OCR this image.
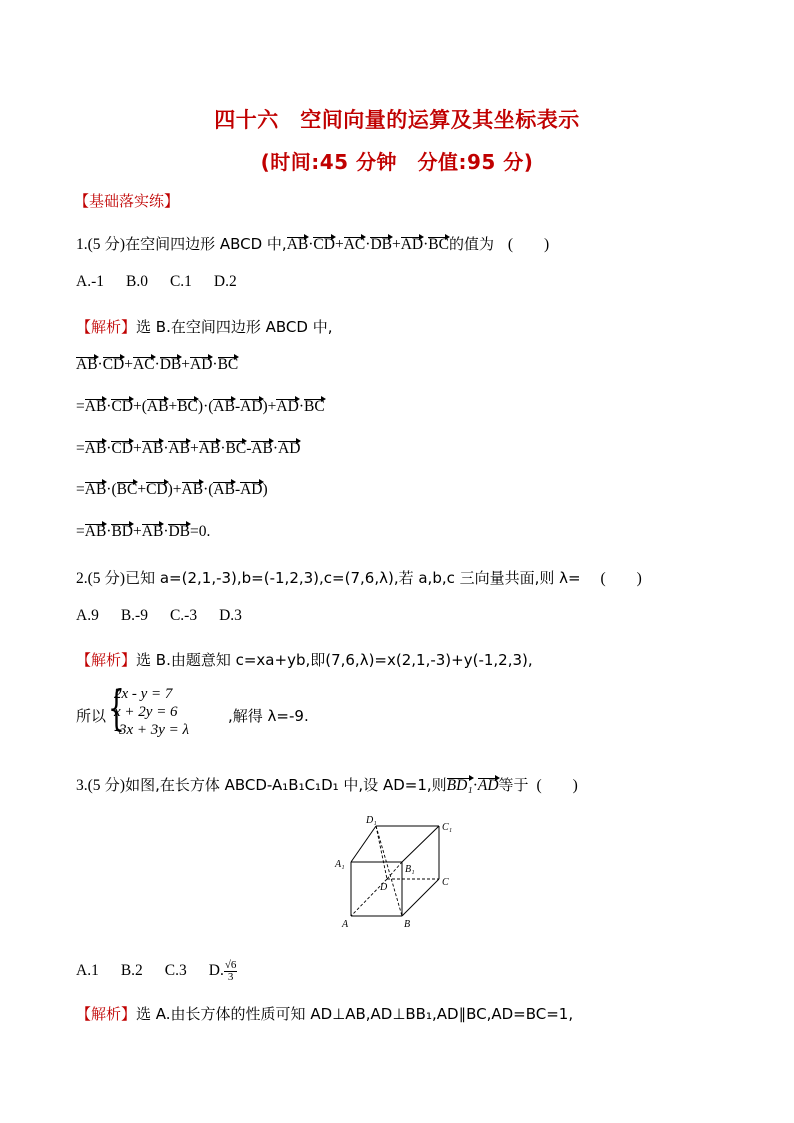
四十六　空间向量的运算及其坐标表示
(时间:45 分钟　分值:95 分)
【基础落实练】
1.(5 分)在空间四边形 ABCD 中,AB·CD+AC·DB+AD·BC的值为 (　　)
A.-1 B.0 C.1 D.2
【解析】选 B.在空间四边形 ABCD 中,
AB·CD+AC·DB+AD·BC
=AB·CD+(AB+BC)·(AB-AD)+AD·BC
=AB·CD+AB·AB+AB·BC-AB·AD
=AB·(BC+CD)+AB·(AB-AD)
=AB·BD+AB·DB=0.
2.(5 分)已知 a=(2,1,-3),b=(-1,2,3),c=(7,6,λ),若 a,b,c 三向量共面,则 λ= (　　)
A.9 B.-9 C.-3 D.3
【解析】选 B.由题意知 c=xa+yb,即(7,6,λ)=x(2,1,-3)+y(-1,2,3),
所以 {
2x - y = 7
x + 2y = 6
-3x + 3y = λ
,解得 λ=-9.
3.(5 分)如图,在长方体 ABCD-A₁B₁C₁D₁ 中,设 AD=1,则BD₁·AD等于 (　　)
D₁
C₁
A₁	B₁
D	C
A	B
A.1 B.2 C.3 D. $\frac{√6}{3}$
【解析】选 A.由长方体的性质可知 AD⊥AB,AD⊥BB₁,AD∥BC,AD=BC=1,
